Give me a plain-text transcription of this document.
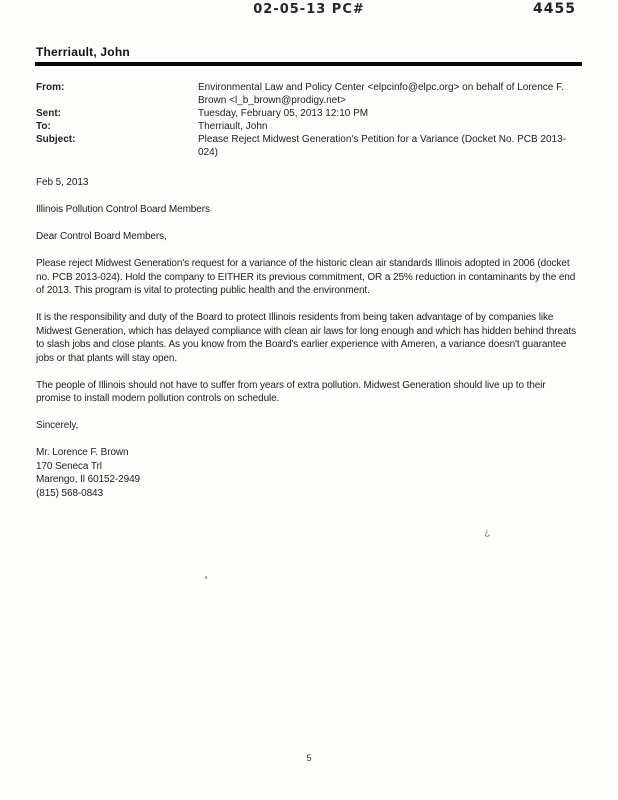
02-05-13 PC#	4455
Therriault, John
From:	Environmental Law and Policy Center <elpcinfo@elpc.org> on behalf of Lorence F. Brown <l_b_brown@prodigy.net>
Sent:	Tuesday, February 05, 2013 12:10 PM
To:	Therriault, John
Subject:	Please Reject Midwest Generation's Petition for a Variance (Docket No. PCB 2013-024)

Feb 5, 2013

Illinois Pollution Control Board Members

Dear Control Board Members,

Please reject Midwest Generation's request for a variance of the historic clean air standards Illinois adopted in 2006 (docket no. PCB 2013-024). Hold the company to EITHER its previous commitment, OR a 25% reduction in contaminants by the end of 2013. This program is vital to protecting public health and the environment.

It is the responsibility and duty of the Board to protect Illinois residents from being taken advantage of by companies like Midwest Generation, which has delayed compliance with clean air laws for long enough and which has hidden behind threats to slash jobs and close plants. As you know from the Board's earlier experience with Ameren, a variance doesn't guarantee jobs or that plants will stay open.

The people of Illinois should not have to suffer from years of extra pollution. Midwest Generation should live up to their promise to install modern pollution controls on schedule.

Sincerely,

Mr. Lorence F. Brown
170 Seneca Trl
Marengo, Il 60152-2949
(815) 568-0843
¿
5
